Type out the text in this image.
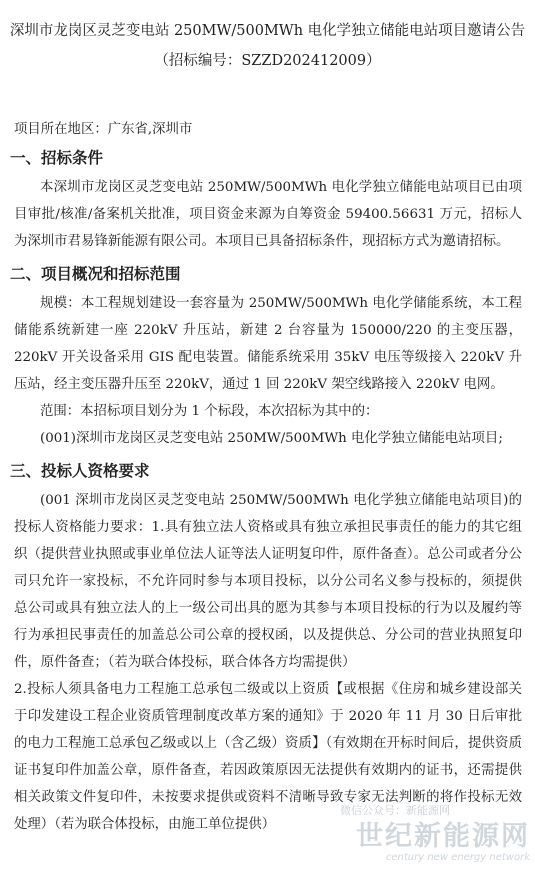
深圳市龙岗区灵芝变电站 250MW/500MWh 电化学独立储能电站项目邀请公告
（招标编号：SZZD202412009）

项目所在地区：广东省,深圳市

一、招标条件

本深圳市龙岗区灵芝变电站 250MW/500MWh 电化学独立储能电站项目已由项目审批/核准/备案机关批准，项目资金来源为自筹资金 59400.56631 万元，招标人为深圳市君易锋新能源有限公司。本项目已具备招标条件，现招标方式为邀请招标。

二、项目概况和招标范围

规模：本工程规划建设一套容量为 250MW/500MWh 电化学储能系统，本工程储能系统新建一座 220kV 升压站，新建 2 台容量为 150000/220 的主变压器，220kV 开关设备采用 GIS 配电装置。储能系统采用 35kV 电压等级接入 220kV 升压站，经主变压器升压至 220kV，通过 1 回 220kV 架空线路接入 220kV 电网。

范围：本招标项目划分为 1 个标段，本次招标为其中的：

(001)深圳市龙岗区灵芝变电站 250MW/500MWh 电化学独立储能电站项目;

三、投标人资格要求

(001 深圳市龙岗区灵芝变电站 250MW/500MWh 电化学独立储能电站项目)的投标人资格能力要求：1.具有独立法人资格或具有独立承担民事责任的能力的其它组织（提供营业执照或事业单位法人证等法人证明复印件，原件备查）。总公司或者分公司只允许一家投标，不允许同时参与本项目投标，以分公司名义参与投标的，须提供总公司或具有独立法人的上一级公司出具的愿为其参与本项目投标的行为以及履约等行为承担民事责任的加盖总公司公章的授权函，以及提供总、分公司的营业执照复印件，原件备查；（若为联合体投标，联合体各方均需提供）

2.投标人须具备电力工程施工总承包二级或以上资质【或根据《住房和城乡建设部关于印发建设工程企业资质管理制度改革方案的通知》于 2020 年 11 月 30 日后审批的电力工程施工总承包乙级或以上（含乙级）资质】（有效期在开标时间后，提供资质证书复印件加盖公章，原件备查，若因政策原因无法提供有效期内的证书，还需提供相关政策文件复印件，未按要求提供或资料不清晰导致专家无法判断的将作投标无效处理）（若为联合体投标，由施工单位提供）

微信公众号：新能源网
世纪新能源网
century new energy network
